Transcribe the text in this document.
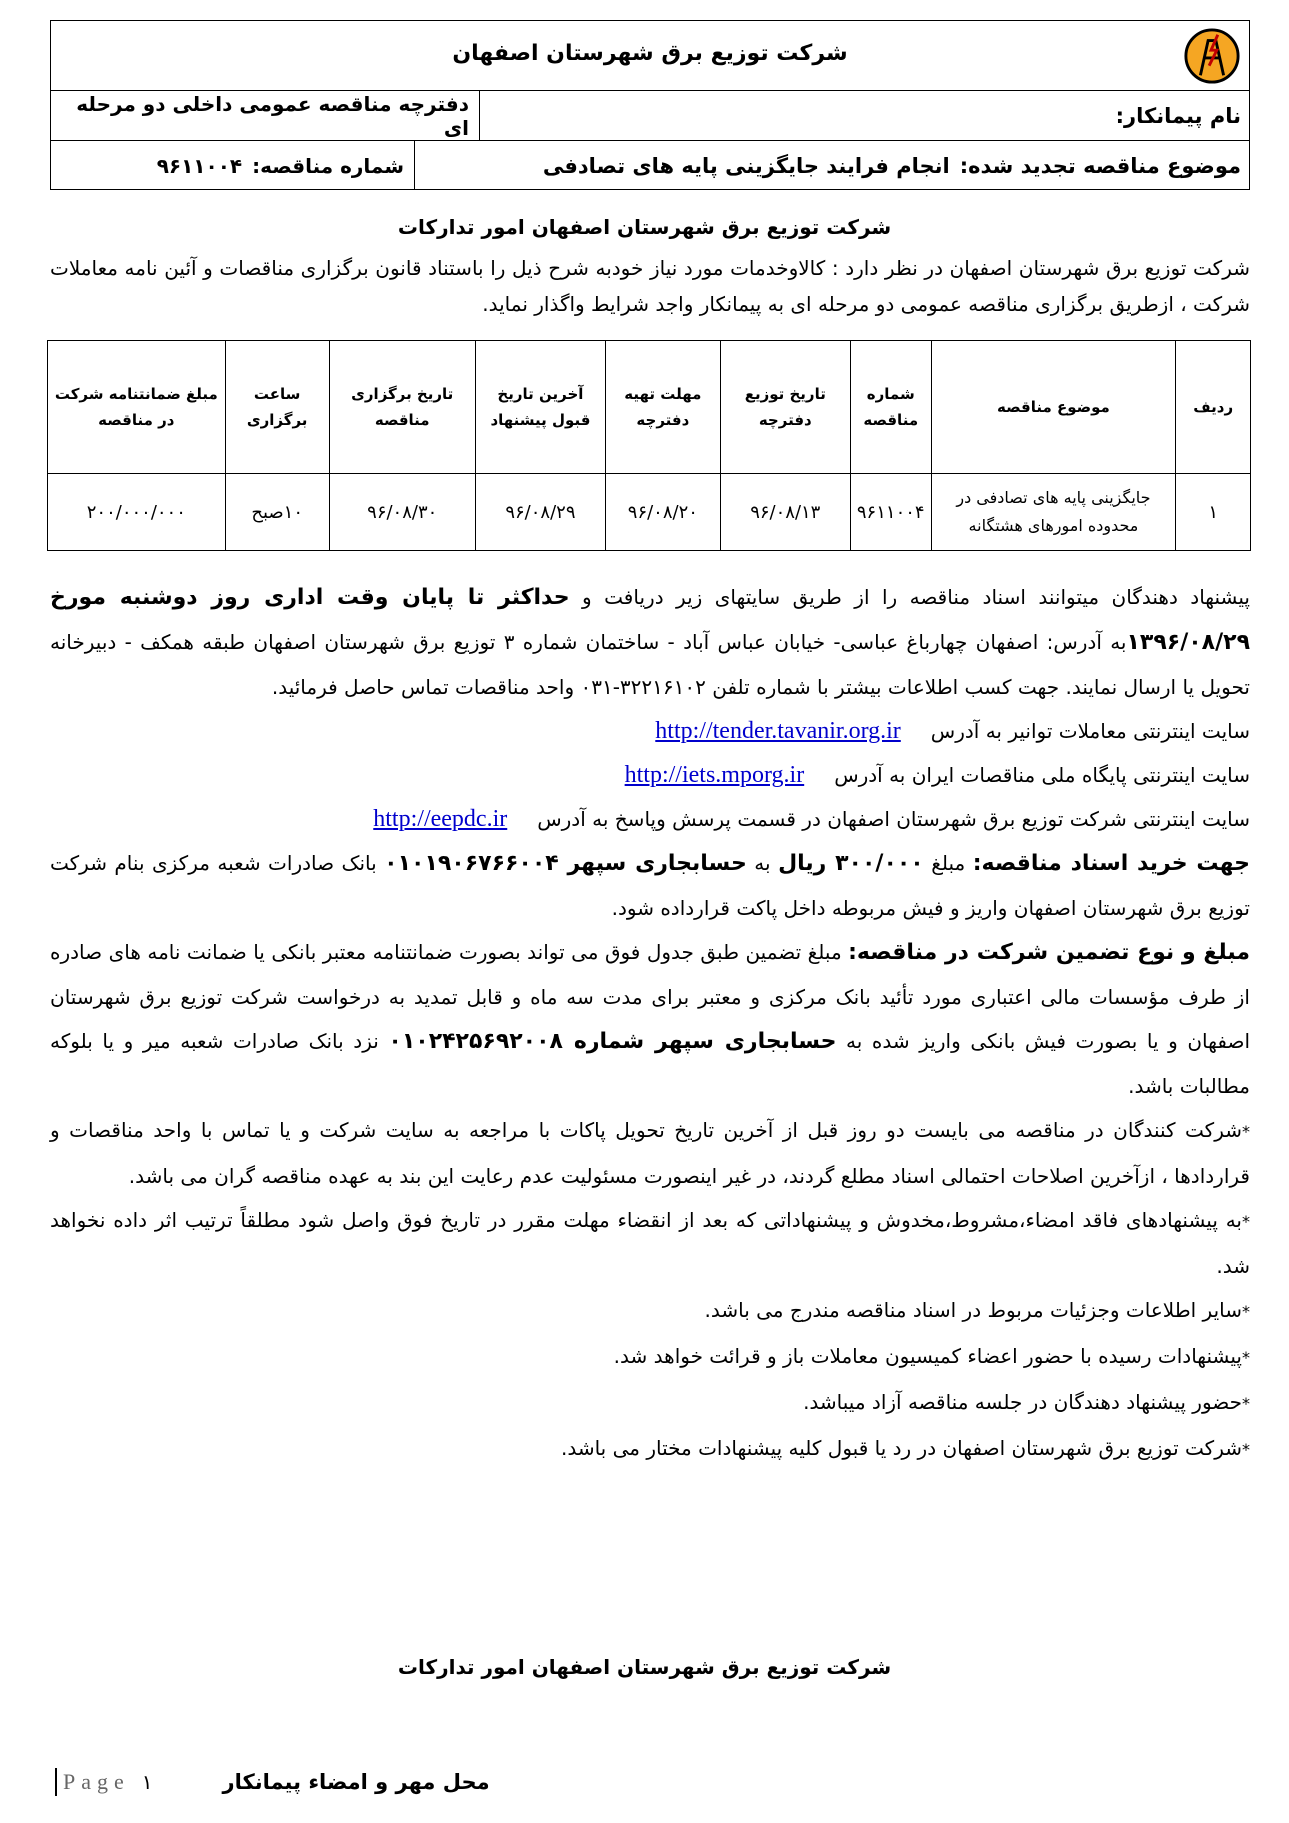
شرکت توزیع برق شهرستان اصفهان
نام پیمانکار:
دفترچه مناقصه عمومی داخلی دو مرحله ای
موضوع مناقصه تجدید شده:
انجام فرایند جایگزینی پایه های تصادفی
شماره مناقصه:
۹۶۱۱۰۰۴
شرکت توزیع برق شهرستان اصفهان امور تدارکات
شرکت توزیع برق شهرستان اصفهان در نظر دارد : کالاوخدمات مورد نیاز خودبه شرح ذیل را باستناد قانون برگزاری مناقصات و آئین نامه معاملات شرکت ، ازطریق برگزاری مناقصه عمومی دو مرحله ای به پیمانکار واجد شرایط واگذار نماید.
ردیف	موضوع مناقصه	شماره مناقصه	تاریخ توزیع دفترچه	مهلت تهیه دفترچه	آخرین تاریخ قبول پیشنهاد	تاریخ برگزاری مناقصه	ساعت برگزاری	مبلغ ضمانتنامه شرکت در مناقصه
۱	جایگزینی پایه های تصادفی در محدوده امورهای هشتگانه	۹۶۱۱۰۰۴	۹۶/۰۸/۱۳	۹۶/۰۸/۲۰	۹۶/۰۸/۲۹	۹۶/۰۸/۳۰	۱۰صبح	۲۰۰/۰۰۰/۰۰۰

پیشنهاد دهندگان میتوانند اسناد مناقصه را از طریق سایتهای زیر دریافت و حداکثر تا پایان وقت اداری روز دوشنبه مورخ ۱۳۹۶/۰۸/۲۹به آدرس: اصفهان چهارباغ عباسی- خیابان عباس آباد - ساختمان شماره ۳ توزیع برق شهرستان اصفهان طبقه همکف - دبیرخانه تحویل یا ارسال نمایند. جهت کسب اطلاعات بیشتر با شماره تلفن ۳۲۲۱۶۱۰۲-۰۳۱ واحد مناقصات تماس حاصل فرمائید.

سایت اینترنتی معاملات توانیر به آدرس
http://tender.tavanir.org.ir
سایت اینترنتی پایگاه ملی مناقصات ایران به آدرس
http://iets.mporg.ir
سایت اینترنتی شرکت توزیع برق شهرستان اصفهان در قسمت پرسش وپاسخ به آدرس
http://eepdc.ir

جهت خرید اسناد مناقصه: مبلغ ۳۰۰/۰۰۰ ریال به حسابجاری سپهر ۰۱۰۱۹۰۶۷۶۶۰۰۴ بانک صادرات شعبه مرکزی بنام شرکت توزیع برق شهرستان اصفهان واریز و فیش مربوطه داخل پاکت قرارداده شود.

مبلغ و نوع تضمین شرکت در مناقصه: مبلغ تضمین طبق جدول فوق می تواند بصورت ضمانتنامه معتبر بانکی یا ضمانت نامه های صادره از طرف مؤسسات مالی اعتباری مورد تأئید بانک مرکزی و معتبر برای مدت سه ماه و قابل تمدید به درخواست شرکت توزیع برق شهرستان اصفهان و یا بصورت فیش بانکی واریز شده به حسابجاری سپهر شماره ۰۱۰۲۴۲۵۶۹۲۰۰۸ نزد بانک صادرات شعبه میر و یا بلوکه مطالبات باشد.

*شرکت کنندگان در مناقصه می بایست دو روز قبل از آخرین تاریخ تحویل پاکات با مراجعه به سایت شرکت و یا تماس با واحد مناقصات و قراردادها ، ازآخرین اصلاحات احتمالی اسناد مطلع گردند، در غیر اینصورت مسئولیت عدم رعایت این بند به عهده مناقصه گران می باشد.

*به پیشنهادهای فاقد امضاء،مشروط،مخدوش و پیشنهاداتی که بعد از انقضاء مهلت مقرر در تاریخ فوق واصل شود مطلقاً ترتیب اثر داده نخواهد شد.

*سایر اطلاعات وجزئیات مربوط در اسناد مناقصه مندرج می باشد.

*پیشنهادات رسیده با حضور اعضاء کمیسیون معاملات باز و قرائت خواهد شد.

*حضور پیشنهاد دهندگان در جلسه مناقصه آزاد میباشد.

*شرکت توزیع برق شهرستان اصفهان در رد یا قبول کلیه پیشنهادات مختار می باشد.

شرکت توزیع برق شهرستان اصفهان امور تدارکات
Page ۱	محل مهر و امضاء پیمانکار
